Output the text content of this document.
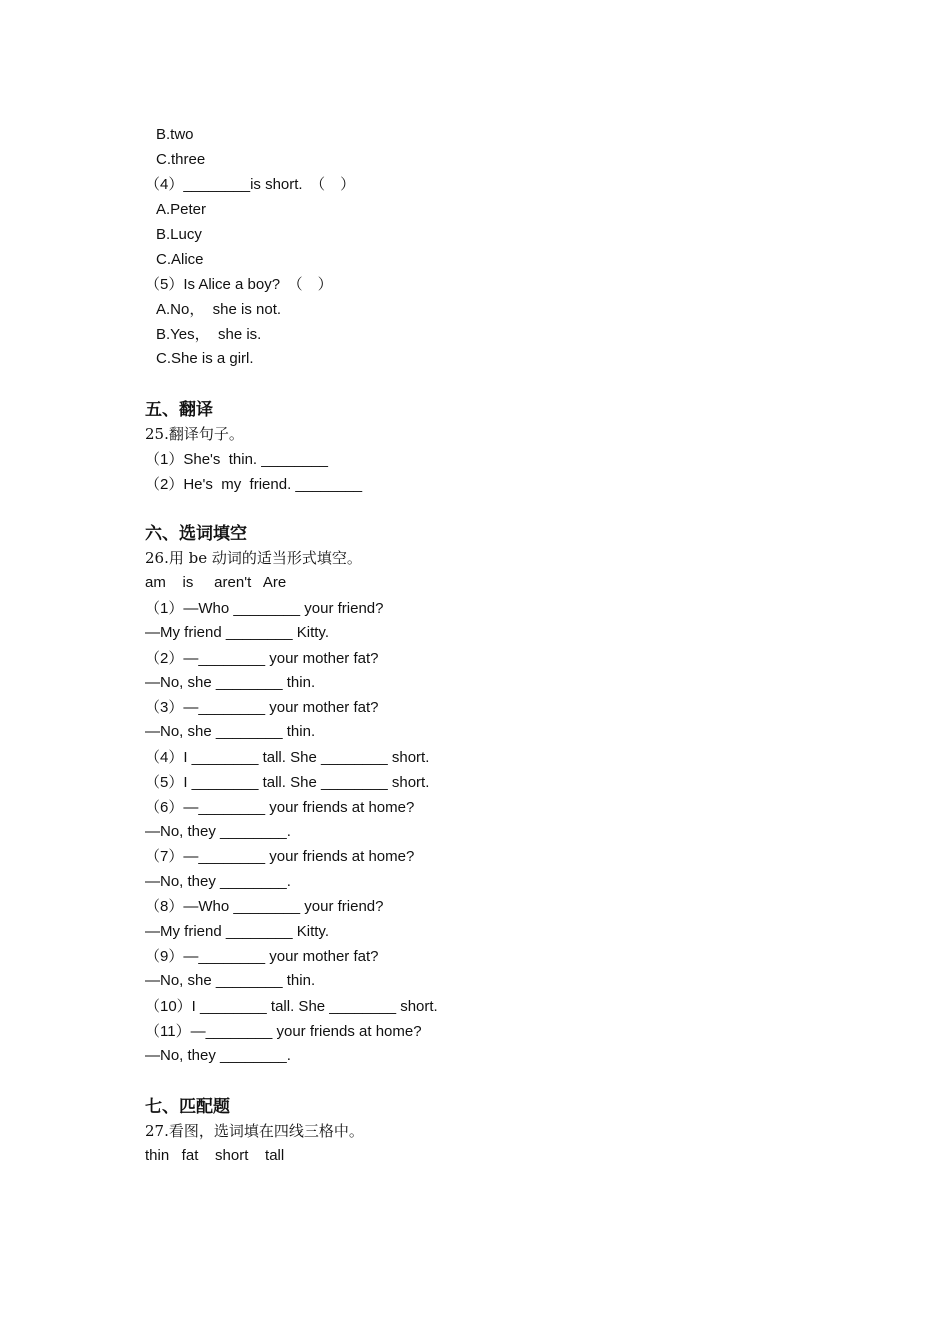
B.two
C.three
（4）________is short.　（　）
A.Peter
B.Lucy
C.Alice
（5）Is Alice a boy?　（　）
A.No，  she is not.
B.Yes，  she is.
C.She is a girl.
五、翻译
25.翻译句子。
（1）She's  thin. ________
（2）He's  my  friend. ________
六、选词填空
26.用 be 动词的适当形式填空。
am    is     aren't   Are
（1）—Who ________ your friend?
—My friend ________ Kitty.
（2）—________ your mother fat?
—No, she ________ thin.
（3）—________ your mother fat?
—No, she ________ thin.
（4）I ________ tall. She ________ short.
（5）I ________ tall. She ________ short.
（6）—________ your friends at home?
—No, they ________.
（7）—________ your friends at home?
—No, they ________.
（8）—Who ________ your friend?
—My friend ________ Kitty.
（9）—________ your mother fat?
—No, she ________ thin.
（10）I ________ tall. She ________ short.
（11）—________ your friends at home?
—No, they ________.
七、匹配题
27.看图，选词填在四线三格中。
thin   fat    short    tall
